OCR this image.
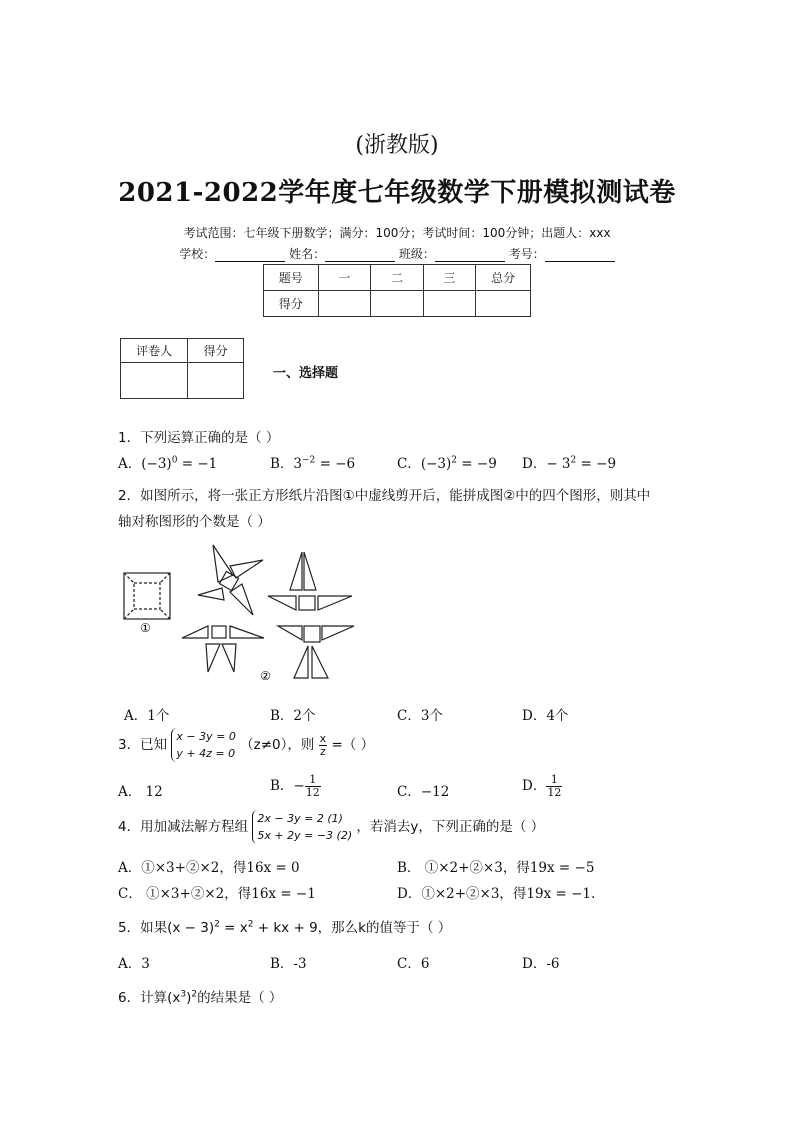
(浙教版)
2021-2022学年度七年级数学下册模拟测试卷
考试范围：七年级下册数学；满分：100分；考试时间：100分钟；出题人：xxx
学校：	姓名：	班级：	考号：
题号	一	二	三	总分
得分				
评卷人	得分

一、选择题
1．下列运算正确的是（ ）
A．$(-3)^0 = -1$	B．$3^{-2} = -6$	C．$(-3)^2 = -9$ D．− $3^2 = -9$
2．如图所示，将一张正方形纸片沿图①中虚线剪开后，能拼成图②中的四个图形，则其中
轴对称图形的个数是（ ）
①
②
A．1个	B．2个	C．3个	D．4个
3．已知
x − 3y = 0
y + 4z = 0
（z≠0），则 $\frac{x}{z}$ =（ ）
A． 12	B．− $\frac{1}{12}$	C．−12	D． $\frac{1}{12}$
4．用加减法解方程组
2x − 3y = 2 (1)
5x + 2y = −3 (2)
，若消去y，下列正确的是（ ）
A．①×3+②×2，得16x = 0	B． ①×2+②×3，得19x = −5
C． ①×3+②×2，得16x = −1	D．①×2+②×3，得19x = −1.
5．如果$(x - 3)^2 = x^2$ + kx + 9，那么k的值等于（ ）
A．3	B．-3	C．6	D．-6
6．计算$(x^3)^2$的结果是（ ）
